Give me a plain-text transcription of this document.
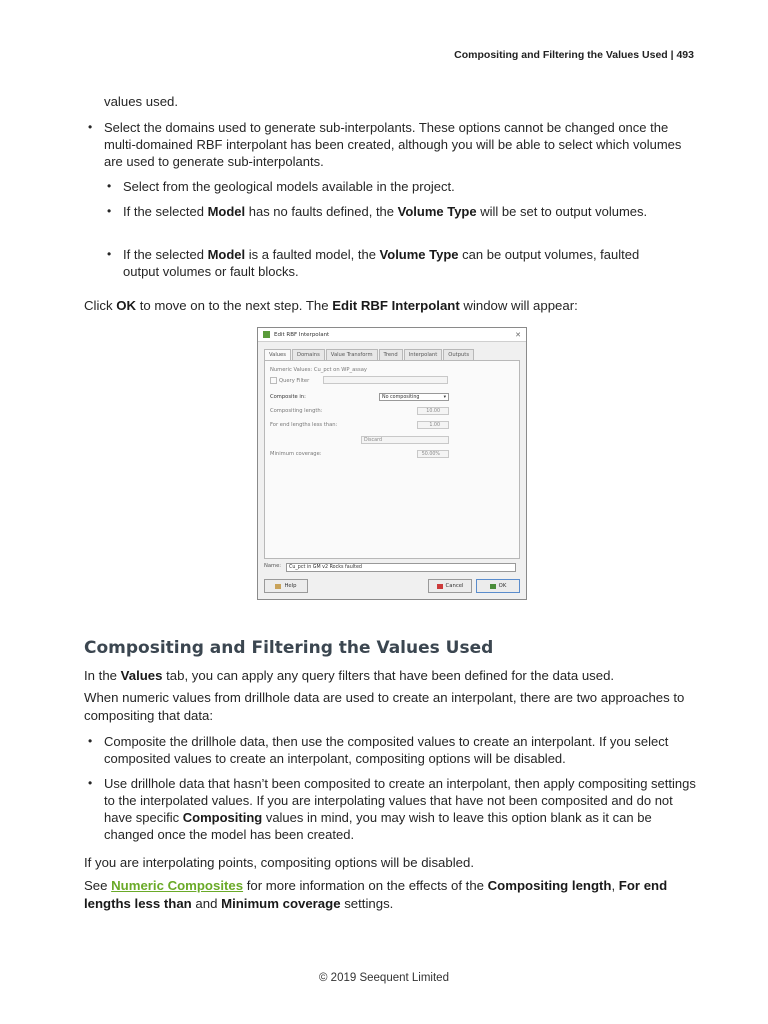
Compositing and Filtering the Values Used | 493
values used.
• Select the domains used to generate sub-interpolants. These options cannot be changed once the multi-domained RBF interpolant has been created, although you will be able to select which volumes are used to generate sub-interpolants.
• Select from the geological models available in the project.
• If the selected Model has no faults defined, the Volume Type will be set to output volumes.
• If the selected Model is a faulted model, the Volume Type can be output volumes, faulted output volumes or fault blocks.
Click OK to move on to the next step. The Edit RBF Interpolant window will appear:
Edit RBF Interpolant	✕
Values	Domains	Value Transform	Trend	Interpolant	Outputs
Numeric Values: Cu_pct on WP_assay
Query Filter
Composite in:	No compositing	▾
Compositing length:	10.00
For end lengths less than:	1.00
Discard
Minimum coverage:	50.00%
Name:	Cu_pct in GM v2 Rocks faulted
Help	Cancel	OK
Compositing and Filtering the Values Used
In the Values tab, you can apply any query filters that have been defined for the data used.
When numeric values from drillhole data are used to create an interpolant, there are two approaches to compositing that data:
• Composite the drillhole data, then use the composited values to create an interpolant. If you select composited values to create an interpolant, compositing options will be disabled.
• Use drillhole data that hasn’t been composited to create an interpolant, then apply compositing settings to the interpolated values. If you are interpolating values that have not been composited and do not have specific Compositing values in mind, you may wish to leave this option blank as it can be changed once the model has been created.
If you are interpolating points, compositing options will be disabled.
See Numeric Composites for more information on the effects of the Compositing length, For end lengths less than and Minimum coverage settings.
© 2019 Seequent Limited
